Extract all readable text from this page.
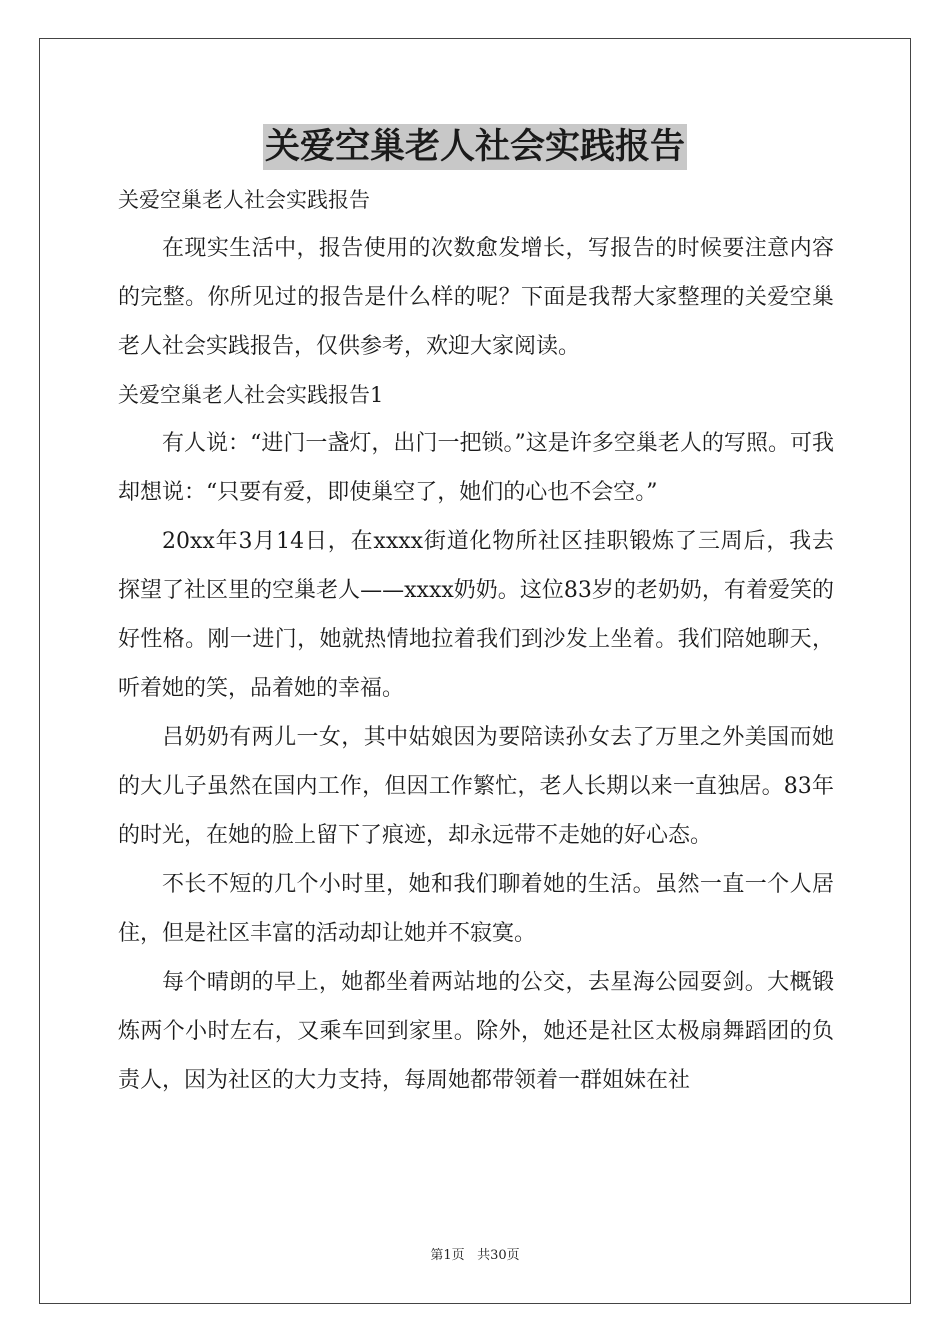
关爱空巢老人社会实践报告

关爱空巢老人社会实践报告

在现实生活中，报告使用的次数愈发增长，写报告的时候要注意内容的完整。你所见过的报告是什么样的呢？下面是我帮大家整理的关爱空巢老人社会实践报告，仅供参考，欢迎大家阅读。

关爱空巢老人社会实践报告1

有人说：“进门一盏灯，出门一把锁。”这是许多空巢老人的写照。可我却想说：“只要有爱，即使巢空了，她们的心也不会空。”

20xx年3月14日，在xxxx街道化物所社区挂职锻炼了三周后，我去探望了社区里的空巢老人——xxxx奶奶。这位83岁的老奶奶，有着爱笑的好性格。刚一进门，她就热情地拉着我们到沙发上坐着。我们陪她聊天，听着她的笑，品着她的幸福。

吕奶奶有两儿一女，其中姑娘因为要陪读孙女去了万里之外美国而她的大儿子虽然在国内工作，但因工作繁忙，老人长期以来一直独居。83年的时光，在她的脸上留下了痕迹，却永远带不走她的好心态。

不长不短的几个小时里，她和我们聊着她的生活。虽然一直一个人居住，但是社区丰富的活动却让她并不寂寞。

每个晴朗的早上，她都坐着两站地的公交，去星海公园耍剑。大概锻炼两个小时左右，又乘车回到家里。除外，她还是社区太极扇舞蹈团的负责人，因为社区的大力支持，每周她都带领着一群姐妹在社

第1页 共30页
